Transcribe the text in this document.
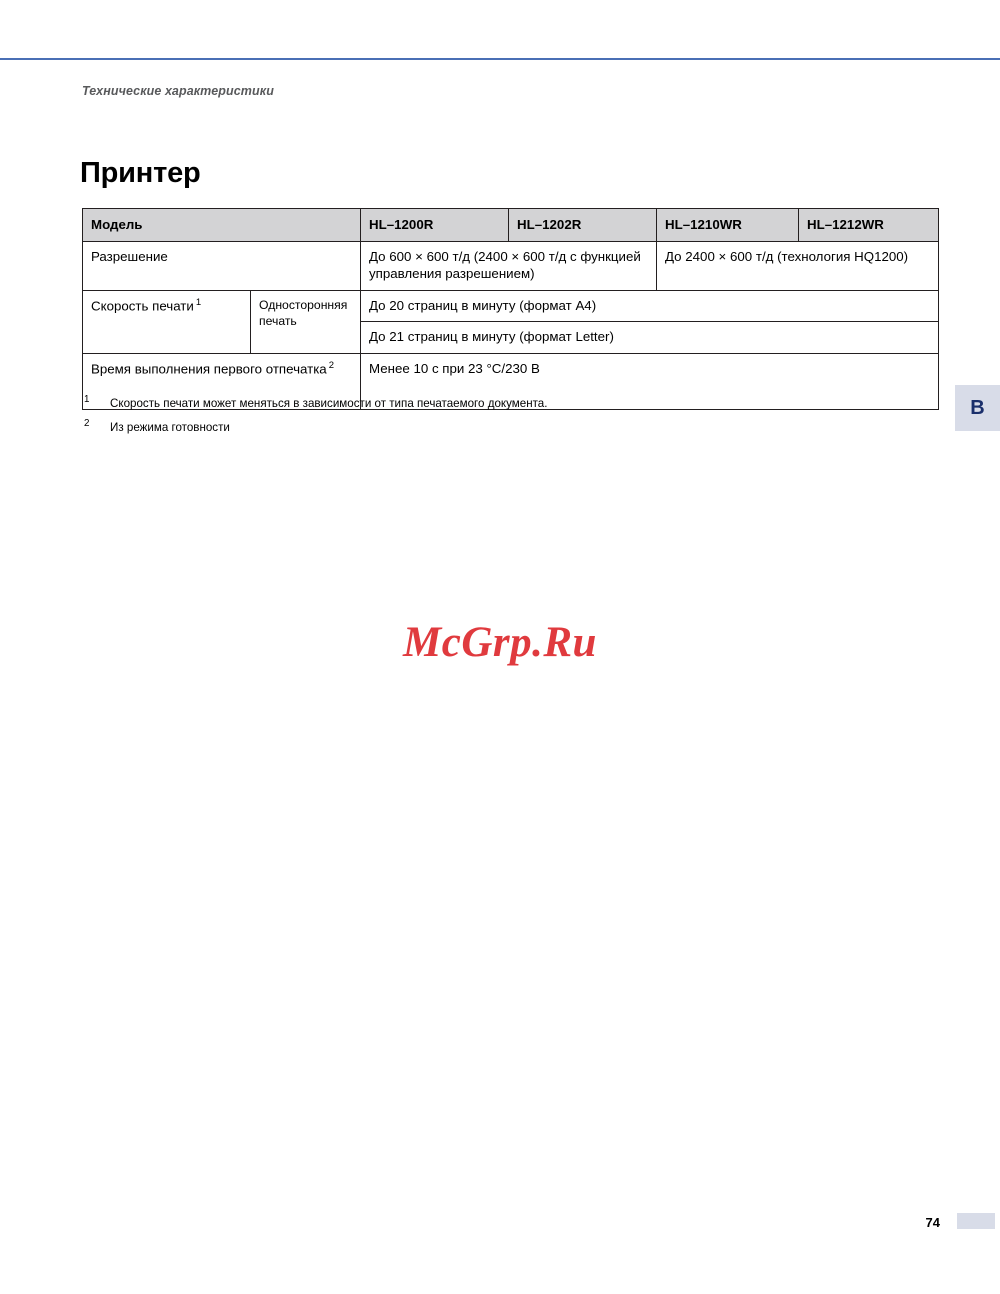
Технические характеристики
Принтер
Модель		HL–1200R	HL–1202R	HL–1210WR	HL–1212WR
Разрешение		До 600 × 600 т/д (2400 × 600 т/д с функцией управления разрешением)		До 2400 × 600 т/д (технология HQ1200)	
Скорость печати $^1$	Односторонняя печать	До 20 страниц в минуту (формат A4)			
		До 21 страниц в минуту (формат Letter)			
Время выполнения первого отпечатка $^2$		Менее 10 с при 23 °C/230 В			
1 Скорость печати может меняться в зависимости от типа печатаемого документа.
2 Из режима готовности
B
McGrp.Ru
74
